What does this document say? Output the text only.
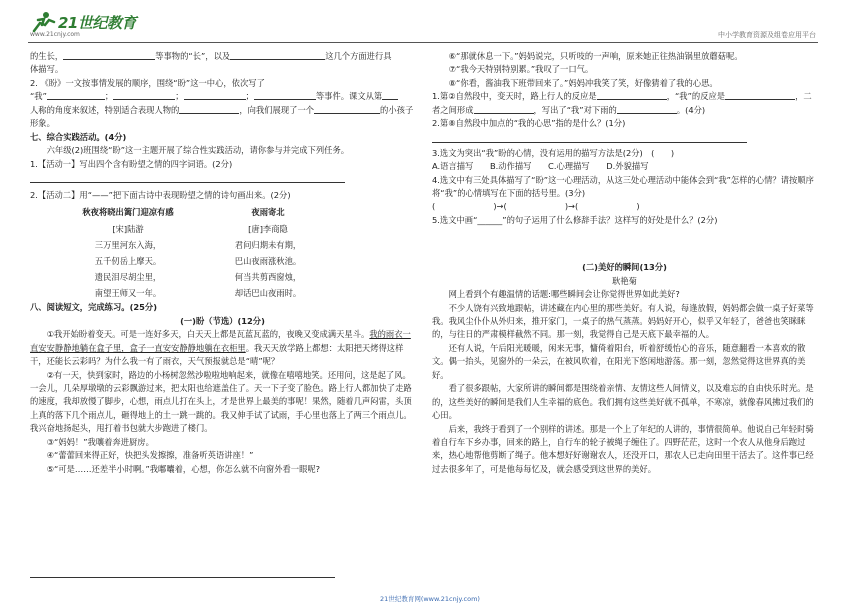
21世纪教育
www.21cnjy.com	中小学教育资源及组卷应用平台

的生长，	等事物的“长”，以及	这几个方面进行具

体描写。

2. 《盼》一文按事情发展的顺序，围绕“盼”这一中心，依次写了
“我”	；	；	；	等事件。课文从第
人称的角度来叙述，特别适合表现人物的	，向我们展现了一个	的小孩子
形象。

七、综合实践活动。(4分)

六年级(2)班围绕“盼”这一主题开展了综合性实践活动，请你参与并完成下列任务。

1.【活动一】写出四个含有盼望之情的四字词语。(2分)

2.【活动二】用“——”把下面古诗中表现盼望之情的诗句画出来。(2分)

秋夜将晓出篱门迎凉有感
[宋]陆游
三万里河东入海，
五千仞岳上摩天。
遗民泪尽胡尘里，
南望王师又一年。
夜雨寄北
[唐]李商隐
君问归期未有期，
巴山夜雨涨秋池。
何当共剪西窗烛，
却话巴山夜雨时。

八、阅读短文，完成练习。(25分)

(一)盼（节选）(12分)

①我开始盼着变天。可是一连好多天，白天天上都是瓦蓝瓦蓝的，夜晚又变成满天星斗。我的雨衣一直安安静静地躺在盒子里，盒子一直安安静静地躺在衣柜里。我天天放学路上都想：太阳把天烤得这样干，还能长云彩吗？为什么我一有了雨衣，天气预报就总是“晴”呢？

②有一天，快到家时，路边的小杨树忽然沙啦啦地响起来，就像在嘻嘻地笑。还用问，这是起了风。一会儿，几朵厚墩墩的云彩飘游过来，把太阳也给遮盖住了。天一下子变了脸色。路上行人都加快了走路的速度，我却放慢了脚步，心想，雨点儿打在头上，才是世界上最美的事呢！果然，随着几声闷雷，头顶上真的落下几个雨点儿，砸得地上的土一跳一跳的。我又伸手试了试雨，手心里也落上了两三个雨点儿。我兴奋地扬起头，甩打着书包就大步跑进了楼门。

③“妈妈！”我嚷着奔进厨房。

④“蕾蕾回来得正好，快把头发擦擦，准备听英语讲座！”

⑤“可是……还差半小时啊。”我嘟囔着，心想，你怎么就不向窗外看一眼呢?

⑥“那就休息一下。”妈妈说完，只听吱的一声响，原来她正往热油锅里放蘑菇呢。

⑦“我今天特别特别累。”我叹了一口气。

⑧“你看，酱油我下班带回来了。”妈妈冲我笑了笑，好像猜着了我的心思。

1.第②自然段中，变天时，路上行人的反应是	，“我”的反应是	，二者之间形成	，写出了“我”对下雨的	。(4分)

2.第⑧自然段中加点的“我的心思”指的是什么？(1分)

3.选文为突出“我”盼的心情，没有运用的描写方法是(2分)　(　　)

A.语言描写　　B.动作描写　　C.心理描写　　D.外貌描写

4.选文中有三处具体描写了“盼”这一心理活动，从这三处心理活动中能体会到“我”怎样的心情？请按顺序将“我”的心情填写在下面的括号里。(3分)

(　　　　　　　)→(　　　　　　　)→(　　　　　　　)

5.选文中画“______”的句子运用了什么修辞手法？这样写的好处是什么？(2分)

(二)美好的瞬间(13分)

耿艳菊

网上看到个有趣温情的话题:哪些瞬间会让你觉得世界如此美好?

不少人饶有兴致地跟帖，讲述藏在内心里的那些美好。有人说，每逢放假，妈妈都会做一桌子好菜等我。我风尘仆仆从外归来，推开家门，一桌子的热气蒸蒸。妈妈好开心，似乎又年轻了，爸爸也笑眯眯的，与往日的严肃模样截然不同。那一刻，我觉得自己是天底下最幸福的人。

还有人说，午后阳光暖暖，闲来无事，慵倚着阳台，听着舒缓怡心的音乐，随意翻看一本喜欢的散文。偶一抬头，见窗外的一朵云，在被风吹着，在阳光下悠闲地游荡。那一刻，忽然觉得这世界真的美好。

看了很多跟帖，大家所讲的瞬间都是围绕着亲情、友情这些人间情义，以及难忘的自由快乐时光。是的，这些美好的瞬间是我们人生幸福的底色。我们拥有这些美好就不孤单，不寒凉，就像春风拂过我们的心田。

后来，我终于看到了一个别样的讲述。那是一个上了年纪的人讲的，事情很简单。他说自己年轻时骑着自行车下乡办事，回来的路上，自行车的轮子被绳子缠住了。四野茫茫，这时一个农人从他身后跑过来，热心地帮他剪断了绳子。他本想好好谢谢农人，还没开口，那农人已走向田里干活去了。这件事已经过去很多年了，可是他每每忆及，就会感受到这世界的美好。

21世纪教育网(www.21cnjy.com)
